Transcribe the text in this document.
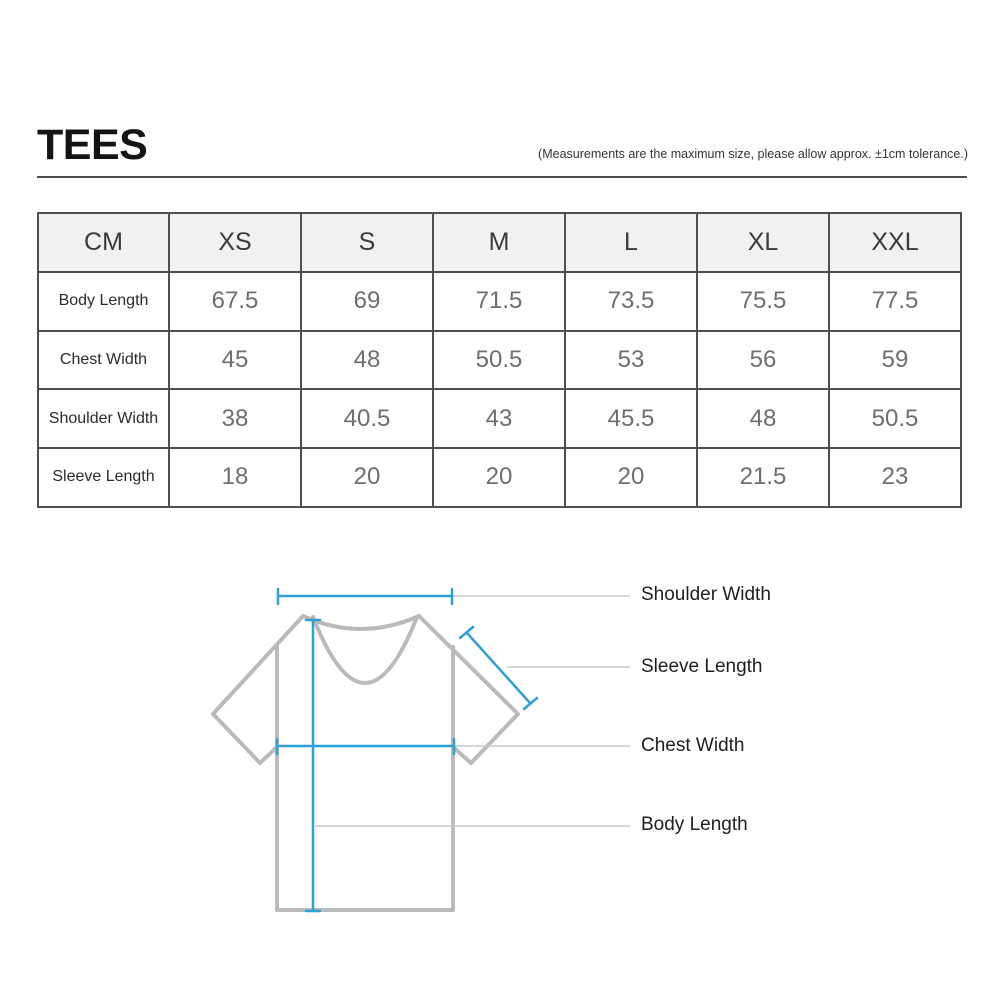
TEES	(Measurements are the maximum size, please allow approx. ±1cm tolerance.)
CM	XS	S	M	L	XL	XXL
Body Length	67.5	69	71.5	73.5	75.5	77.5
Chest Width	45	48	50.5	53	56	59
Shoulder Width	38	40.5	43	45.5	48	50.5
Sleeve Length	18	20	20	20	21.5	23
Shoulder Width
Sleeve Length
Chest Width
Body Length
